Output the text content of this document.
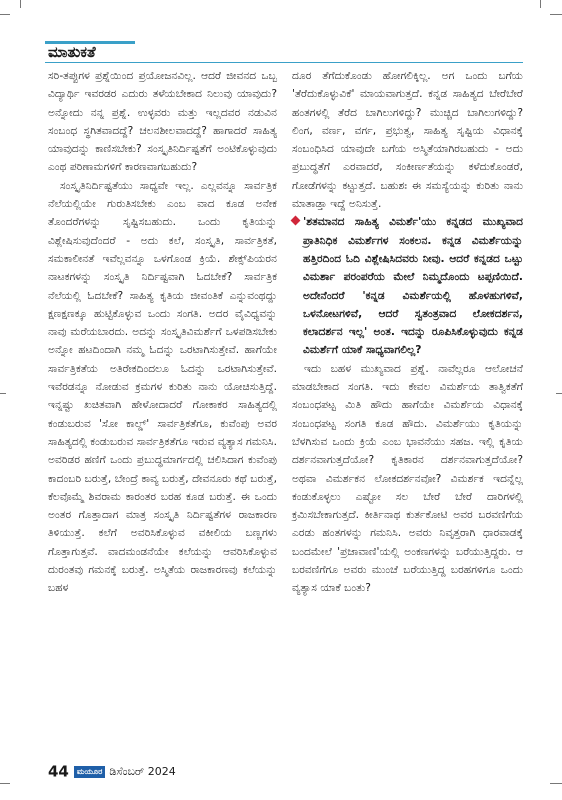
ಮಾತುಕತೆ

ಸರಿ-ತಪ್ಪುಗಳ ಪ್ರಶ್ನೆಯಿಂದ ಪ್ರಯೋಜನವಿಲ್ಲ. ಆದರೆ ಜೀವನದ ಒಬ್ಬ ವಿದ್ಯಾರ್ಥಿ ಇವರಡರ ಎದುರು ತಳೆಯಬೇಕಾದ ನಿಲುವು ಯಾವುದು? ಅನ್ನೋದು ನನ್ನ ಪ್ರಶ್ನೆ. ಉಳ್ಳವರು ಮತ್ತು ಇಲ್ಲದವರ ನಡುವಿನ ಸಂಬಂಧ ಸ್ಥಗಿತವಾದದ್ದೆ? ಚಲನಶೀಲವಾದದ್ದೆ? ಹಾಗಾದರೆ ಸಾಹಿತ್ಯ ಯಾವುದನ್ನು ಕಾಣಿಸಬೇಕು? ಸಂಸ್ಕೃತಿನಿರ್ದಿಷ್ಟತೆಗೆ ಅಂಟಿಕೊಳ್ಳುವುದು ಎಂಥ ಪರಿಣಾಮಗಳಿಗೆ ಕಾರಣವಾಗಬಹುದು?

ಸಂಸ್ಕೃತಿನಿರ್ದಿಷ್ಟತೆಯು ಸಾಧ್ಯವೇ ಇಲ್ಲ. ಎಲ್ಲವನ್ನೂ ಸಾರ್ವತ್ರಿಕ ನೆಲೆಯಲ್ಲಿಯೇ ಗುರುತಿಸಬೇಕು ಎಂಬ ವಾದ ಕೂಡ ಅನೇಕ ತೊಂದರೆಗಳನ್ನು ಸೃಷ್ಟಿಸಬಹುದು. ಒಂದು ಕೃತಿಯನ್ನು ವಿಶ್ಲೇಷಿಸುವುದೆಂದರೆ - ಅದು ಕಲೆ, ಸಂಸ್ಕೃತಿ, ಸಾರ್ವತ್ರಿಕತೆ, ಸಮಕಾಲೀನತೆ ಇವೆಲ್ಲವನ್ನೂ ಒಳಗೊಂಡ ಕ್ರಿಯೆ. ಶೇಕ್ಸ್‌ಪಿಯರನ ನಾಟಕಗಳನ್ನು ಸಂಸ್ಕೃತಿ ನಿರ್ದಿಷ್ಟವಾಗಿ ಓದಬೇಕೆ? ಸಾರ್ವತ್ರಿಕ ನೆಲೆಯಲ್ಲಿ ಓದಬೇಕೆ? ಸಾಹಿತ್ಯ ಕೃತಿಯ ಜೀವಂತಿಕೆ ಎನ್ನುವಂಥದ್ದು ಕ್ಷಣಕ್ಷಣಕ್ಕೂ ಹುಟ್ಟಿಕೊಳ್ಳುವ ಒಂದು ಸಂಗತಿ. ಅದರ ವೈವಿಧ್ಯವನ್ನು ನಾವು ಮರೆಯಬಾರದು. ಅದನ್ನು ಸಂಸ್ಕೃತಿವಿಮರ್ಶೆಗೆ ಒಳಪಡಿಸಬೇಕು ಅನ್ನೋ ಹಟದಿಂದಾಗಿ ನಮ್ಮ ಓದನ್ನು ಒರಟಾಗಿಸುತ್ತೇವೆ. ಹಾಗೆಯೇ ಸಾರ್ವತ್ರಿಕತೆಯ ಅತಿರೇಕದಿಂದಲೂ ಓದನ್ನು ಒರಟಾಗಿಸುತ್ತೇವೆ. ಇವೆರಡನ್ನೂ ನೋಡುವ ಕ್ರಮಗಳ ಕುರಿತು ನಾನು ಯೋಚಿಸುತ್ತಿದ್ದೆ. ಇನ್ನಷ್ಟು ಖಚಿತವಾಗಿ ಹೇಳೋದಾದರೆ ಗೋಕಾಕರ ಸಾಹಿತ್ಯದಲ್ಲಿ ಕಂಡುಬರುವ 'ಸೋ ಕಾಲ್ಡ್' ಸಾರ್ವತ್ರಿಕತೆಗೂ, ಕುವೆಂಪು ಅವರ ಸಾಹಿತ್ಯದಲ್ಲಿ ಕಂಡುಬರುವ ಸಾರ್ವತ್ರಿಕತೆಗೂ ಇರುವ ವ್ಯತ್ಯಾಸ ಗಮನಿಸಿ. ಅವರಿಡರ ಹಣಿಗೆ ಒಂದು ಪ್ರಬುದ್ಧಮಾರ್ಗದಲ್ಲಿ ಚಲಿಸಿದಾಗ ಕುವೆಂಪು ಕಾದಂಬರಿ ಬರುತ್ತೆ, ಬೇಂದ್ರೆ ಕಾವ್ಯ ಬರುತ್ತೆ, ದೇವನೂರು ಕಥೆ ಬರುತ್ತೆ, ಕೆಲವೊಮ್ಮೆ ಶಿವರಾಮ ಕಾರಂತರ ಬರಹ ಕೂಡ ಬರುತ್ತೆ. ಈ ಒಂದು ಅಂತರ ಗೊತ್ತಾದಾಗ ಮಾತ್ರ ಸಂಸ್ಕೃತಿ ನಿರ್ದಿಷ್ಟತೆಗಳ ರಾಜಕಾರಣ ತಿಳಿಯುತ್ತೆ. ಕಲೆಗೆ ಅವರಿಸಿಕೊಳ್ಳುವ ವಕೀಲಿಯ ಬಣ್ಣಗಳು ಗೊತ್ತಾಗುತ್ತವೆ. ವಾದಮಂಡನೆಯೇ ಕಲೆಯನ್ನು ಆವರಿಸಿಕೊಳ್ಳುವ ದುರಂತವು ಗಮನಕ್ಕೆ ಬರುತ್ತೆ. ಅಸ್ಮಿತೆಯ ರಾಜಕಾರಣವು ಕಲೆಯನ್ನು ಬಹಳ

ದೂರ ತೆಗೆದುಕೊಂಡು ಹೋಗಲಿಕ್ಕಿಲ್ಲ. ಅಗ ಒಂದು ಬಗೆಯ 'ತೆರೆದುಕೊಳ್ಳುವಿಕೆ' ಮಾಯವಾಗುತ್ತದೆ. ಕನ್ನಡ ಸಾಹಿತ್ಯದ ಬೇರೆಬೇರೆ ಹಂತಗಳಲ್ಲಿ ತೆರೆದ ಬಾಗಿಲುಗಳಿದ್ದು? ಮುಚ್ಚಿದ ಬಾಗಿಲುಗಳಿದ್ದು? ಲಿಂಗ, ವರ್ಣ, ವರ್ಗ, ಪ್ರಭುತ್ವ, ಸಾಹಿತ್ಯ ಸೃಷ್ಟಿಯ ವಿಧಾನಕ್ಕೆ ಸಂಬಂಧಿಸಿದ ಯಾವುದೇ ಬಗೆಯ ಅಸ್ಮಿತೆಯಾಗಿರಬಹುದು - ಅದು ಪ್ರಬುದ್ಧತೆಗೆ ಎರವಾದರೆ, ಸಂಕೀರ್ಣತೆಯನ್ನು ಕಳೆದುಕೊಂಡರೆ, ಗೋಡೆಗಳನ್ನು ಕಟ್ಟುತ್ತದೆ. ಬಹುಶಃ ಈ ಸಮಸ್ಯೆಯನ್ನು ಕುರಿತು ನಾನು ಮಾತಾಡ್ತಾ ಇದ್ದೆ ಅನಿಸುತ್ತೆ.

'ಶತಮಾನದ ಸಾಹಿತ್ಯ ವಿಮರ್ಶೆ'ಯು ಕನ್ನಡದ ಮುಖ್ಯವಾದ ಪ್ರಾತಿನಿಧಿಕ ವಿಮರ್ಶೆಗಳ ಸಂಕಲನ. ಕನ್ನಡ ವಿಮರ್ಶೆಯನ್ನು ಹತ್ತಿರದಿಂದ ಓದಿ ವಿಶ್ಲೇಷಿಸಿದವರು ನೀವು. ಆದರೆ ಕನ್ನಡದ ಒಟ್ಟು ವಿಮರ್ಶಾ ಪರಂಪರೆಯ ಮೇಲೆ ನಿಮ್ಮದೊಂದು ಟಪ್ಪಣಿಯಿದೆ. ಅದೇನೆಂದರೆ 'ಕನ್ನಡ ವಿಮರ್ಶೆಯಲ್ಲಿ ಹೊಳಹುಗಳಿವೆ, ಒಳನೋಟಗಳಿವೆ, ಆದರೆ ಸ್ವತಂತ್ರವಾದ ಲೋಕದರ್ಶನ, ಕಲಾದರ್ಶನ ಇಲ್ಲ' ಅಂತ. ಇದನ್ನು ರೂಪಿಸಿಕೊಳ್ಳುವುದು ಕನ್ನಡ ವಿಮರ್ಶೆಗೆ ಯಾಕೆ ಸಾಧ್ಯವಾಗಲಿಲ್ಲ?

ಇದು ಬಹಳ ಮುಖ್ಯವಾದ ಪ್ರಶ್ನೆ. ನಾವೆಲ್ಲರೂ ಆಲೋಚನೆ ಮಾಡಬೇಕಾದ ಸಂಗತಿ. ಇದು ಕೇವಲ ವಿಮರ್ಶೆಯ ತಾತ್ವಿಕತೆಗೆ ಸಂಬಂಧಪಟ್ಟ ಮಿತಿ ಹೌದು ಹಾಗೆಯೇ ವಿಮರ್ಶೆಯ ವಿಧಾನಕ್ಕೆ ಸಂಬಂಧಪಟ್ಟ ಸಂಗತಿ ಕೂಡ ಹೌದು. ವಿಮರ್ಶೆಯು ಕೃತಿಯನ್ನು ಬೆಳಗಿಸುವ ಒಂದು ಕ್ರಿಯೆ ಎಂಬ ಭಾವನೆಯು ಸಹಜ. ಇಲ್ಲಿ ಕೃತಿಯ ದರ್ಶನವಾಗುತ್ತದೆಯೋ? ಕೃತಿಕಾರನ ದರ್ಶನವಾಗುತ್ತದೆಯೋ? ಅಥವಾ ವಿಮರ್ಶಕನ ಲೋಕದರ್ಶನವೋ? ವಿಮರ್ಶಕ ಇದನ್ನೆಲ್ಲ ಕಂಡುಕೊಳ್ಳಲು ಎಷ್ಟೋ ಸಲ ಬೇರೆ ಬೇರೆ ದಾರಿಗಳಲ್ಲಿ ಕ್ರಮಿಸಬೇಕಾಗುತ್ತದೆ. ಕೀರ್ತಿನಾಥ ಕುರ್ತಕೋಟಿ ಅವರ ಬರವಣಿಗೆಯ ಎರಡು ಹಂತಗಳನ್ನು ಗಮನಿಸಿ. ಅವರು ನಿವೃತ್ತರಾಗಿ ಧಾರವಾಡಕ್ಕೆ ಬಂದಮೇಲೆ 'ಪ್ರಜಾವಾಣಿ'ಯಲ್ಲಿ ಅಂಕಣಗಳನ್ನು ಬರೆಯುತ್ತಿದ್ದರು. ಆ ಬರವಣಿಗೆಗೂ ಅವರು ಮುಂಚೆ ಬರೆಯುತ್ತಿದ್ದ ಬರಹಗಳಿಗೂ ಒಂದು ವ್ಯತ್ಯಾಸ ಯಾಕೆ ಬಂತು?

44 ಮಯೂರ ಡಿಸೆಂಬರ್ 2024
